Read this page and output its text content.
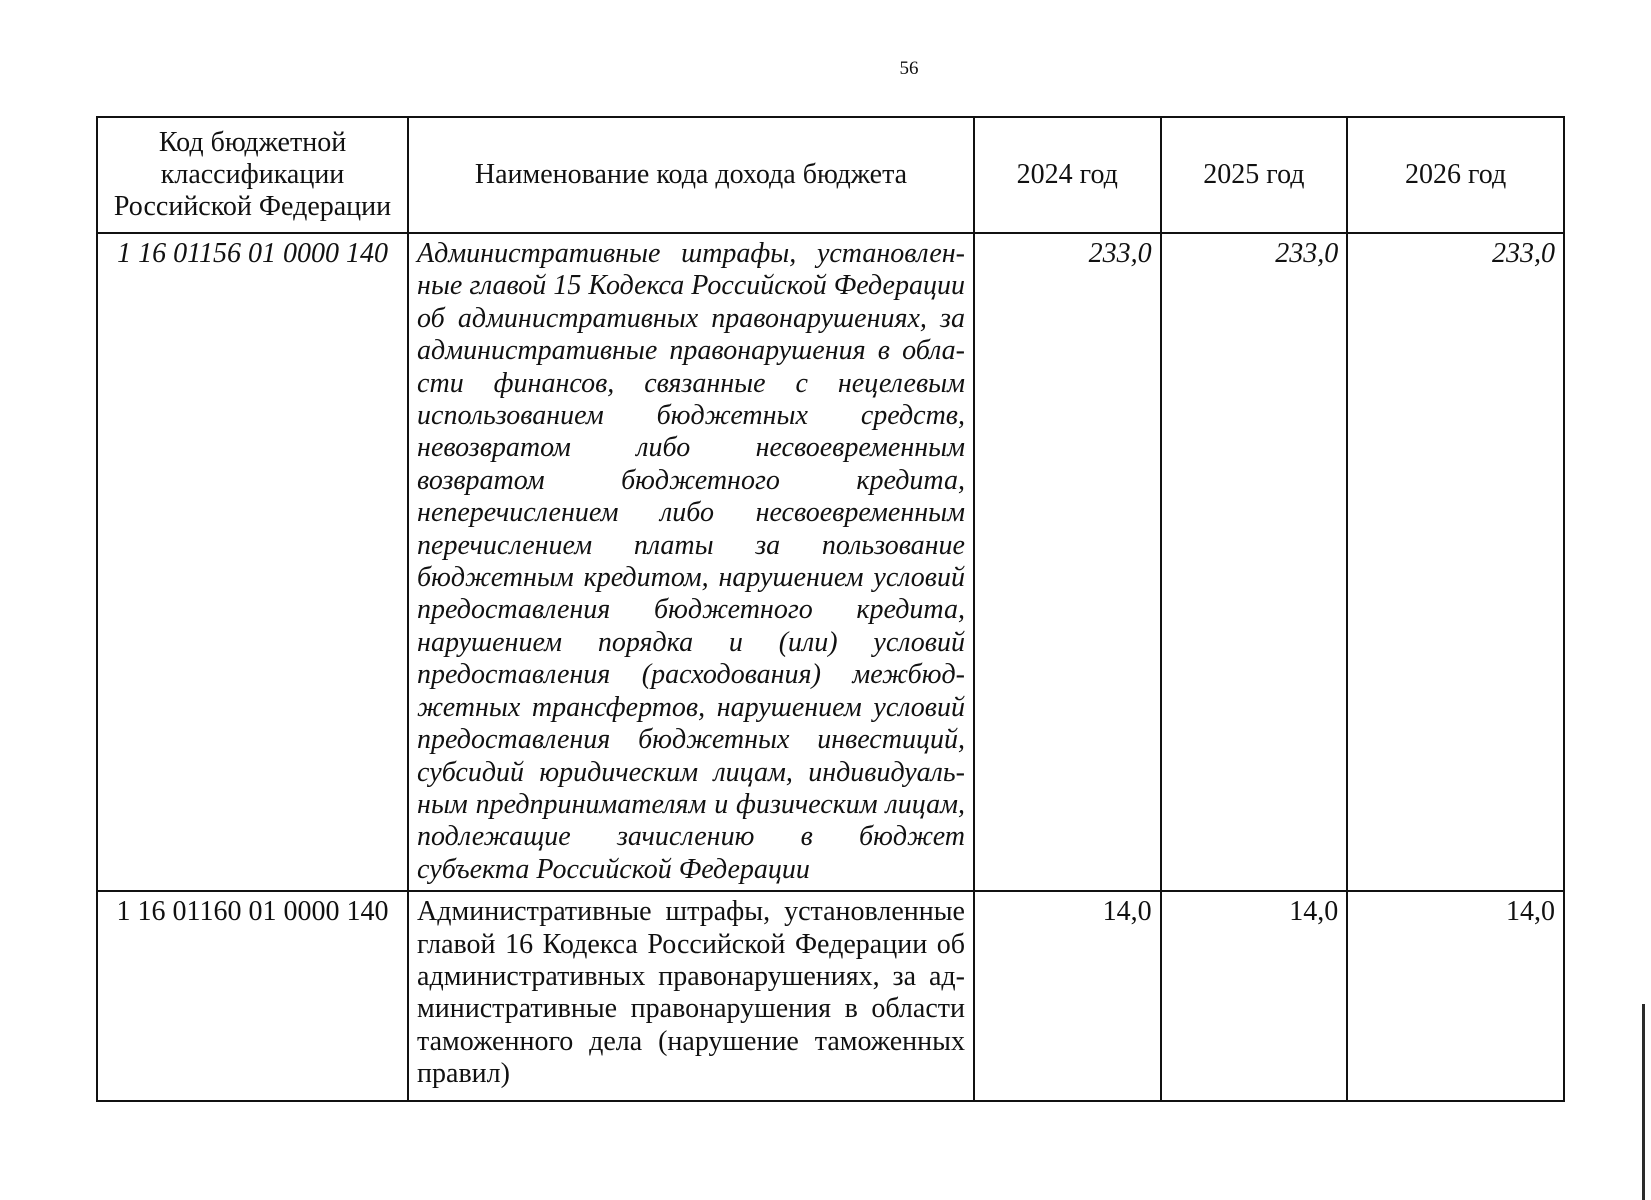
56
Код бюджетной классификации Российской Федерации	Наименование кода дохода бюджета	2024 год	2025 год	2026 год
1 16 01156 01 0000 140	Административные штрафы, установленные главой 15 Кодекса Российской Федерации об административных правонарушениях, за административные правонарушения в области финансов, связанные с нецелевым использованием бюджетных средств, невозвратом либо несвоевременным возвратом бюджетного кредита, неперечислением либо несвоевременным перечислением платы за пользование бюджетным кредитом, нарушением условий предоставления бюджетного кредита, нарушением порядка и (или) условий предоставления (расходования) межбюджетных трансфертов, нарушением условий предоставления бюджетных инвестиций, субсидий юридическим лицам, индивидуальным предпринимателям и физическим лицам, подлежащие зачислению в бюджет субъекта Российской Федерации	233,0	233,0	233,0
1 16 01160 01 0000 140	Административные штрафы, установленные главой 16 Кодекса Российской Федерации об административных правонарушениях, за административные правонарушения в области таможенного дела (нарушение таможенных правил)	14,0	14,0	14,0
